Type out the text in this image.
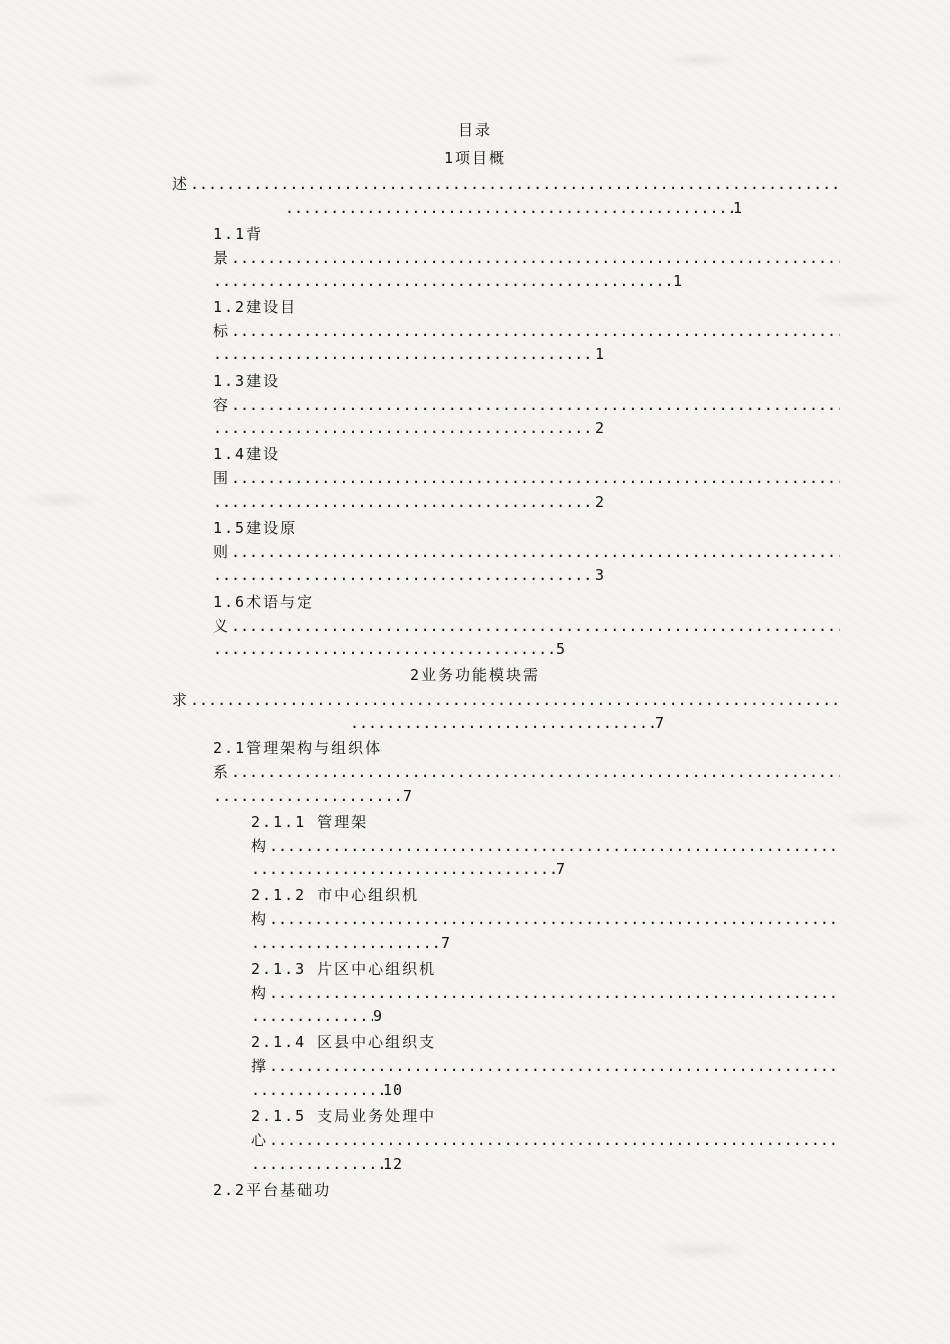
目录
1项目概
述
.....
.....
1
1.1背
景
.....
.....
1
1.2建设目
标
.....
.....
1
1.3建设
容
.....
.....
2
1.4建设
围
.....
.....
2
1.5建设原
则
.....
.....
3
1.6术语与定
义
.....
.....
5
2业务功能模块需
求
.....
.....
7
2.1管理架构与组织体
系
.....
.....
7
2.1.1 管理架
构
.....
.....
7
2.1.2 市中心组织机
构
.....
.....
7
2.1.3 片区中心组织机
构
.....
.....
9
2.1.4 区县中心组织支
撑
.....
.....
10
2.1.5 支局业务处理中
心
.....
.....
12
2.2平台基础功
